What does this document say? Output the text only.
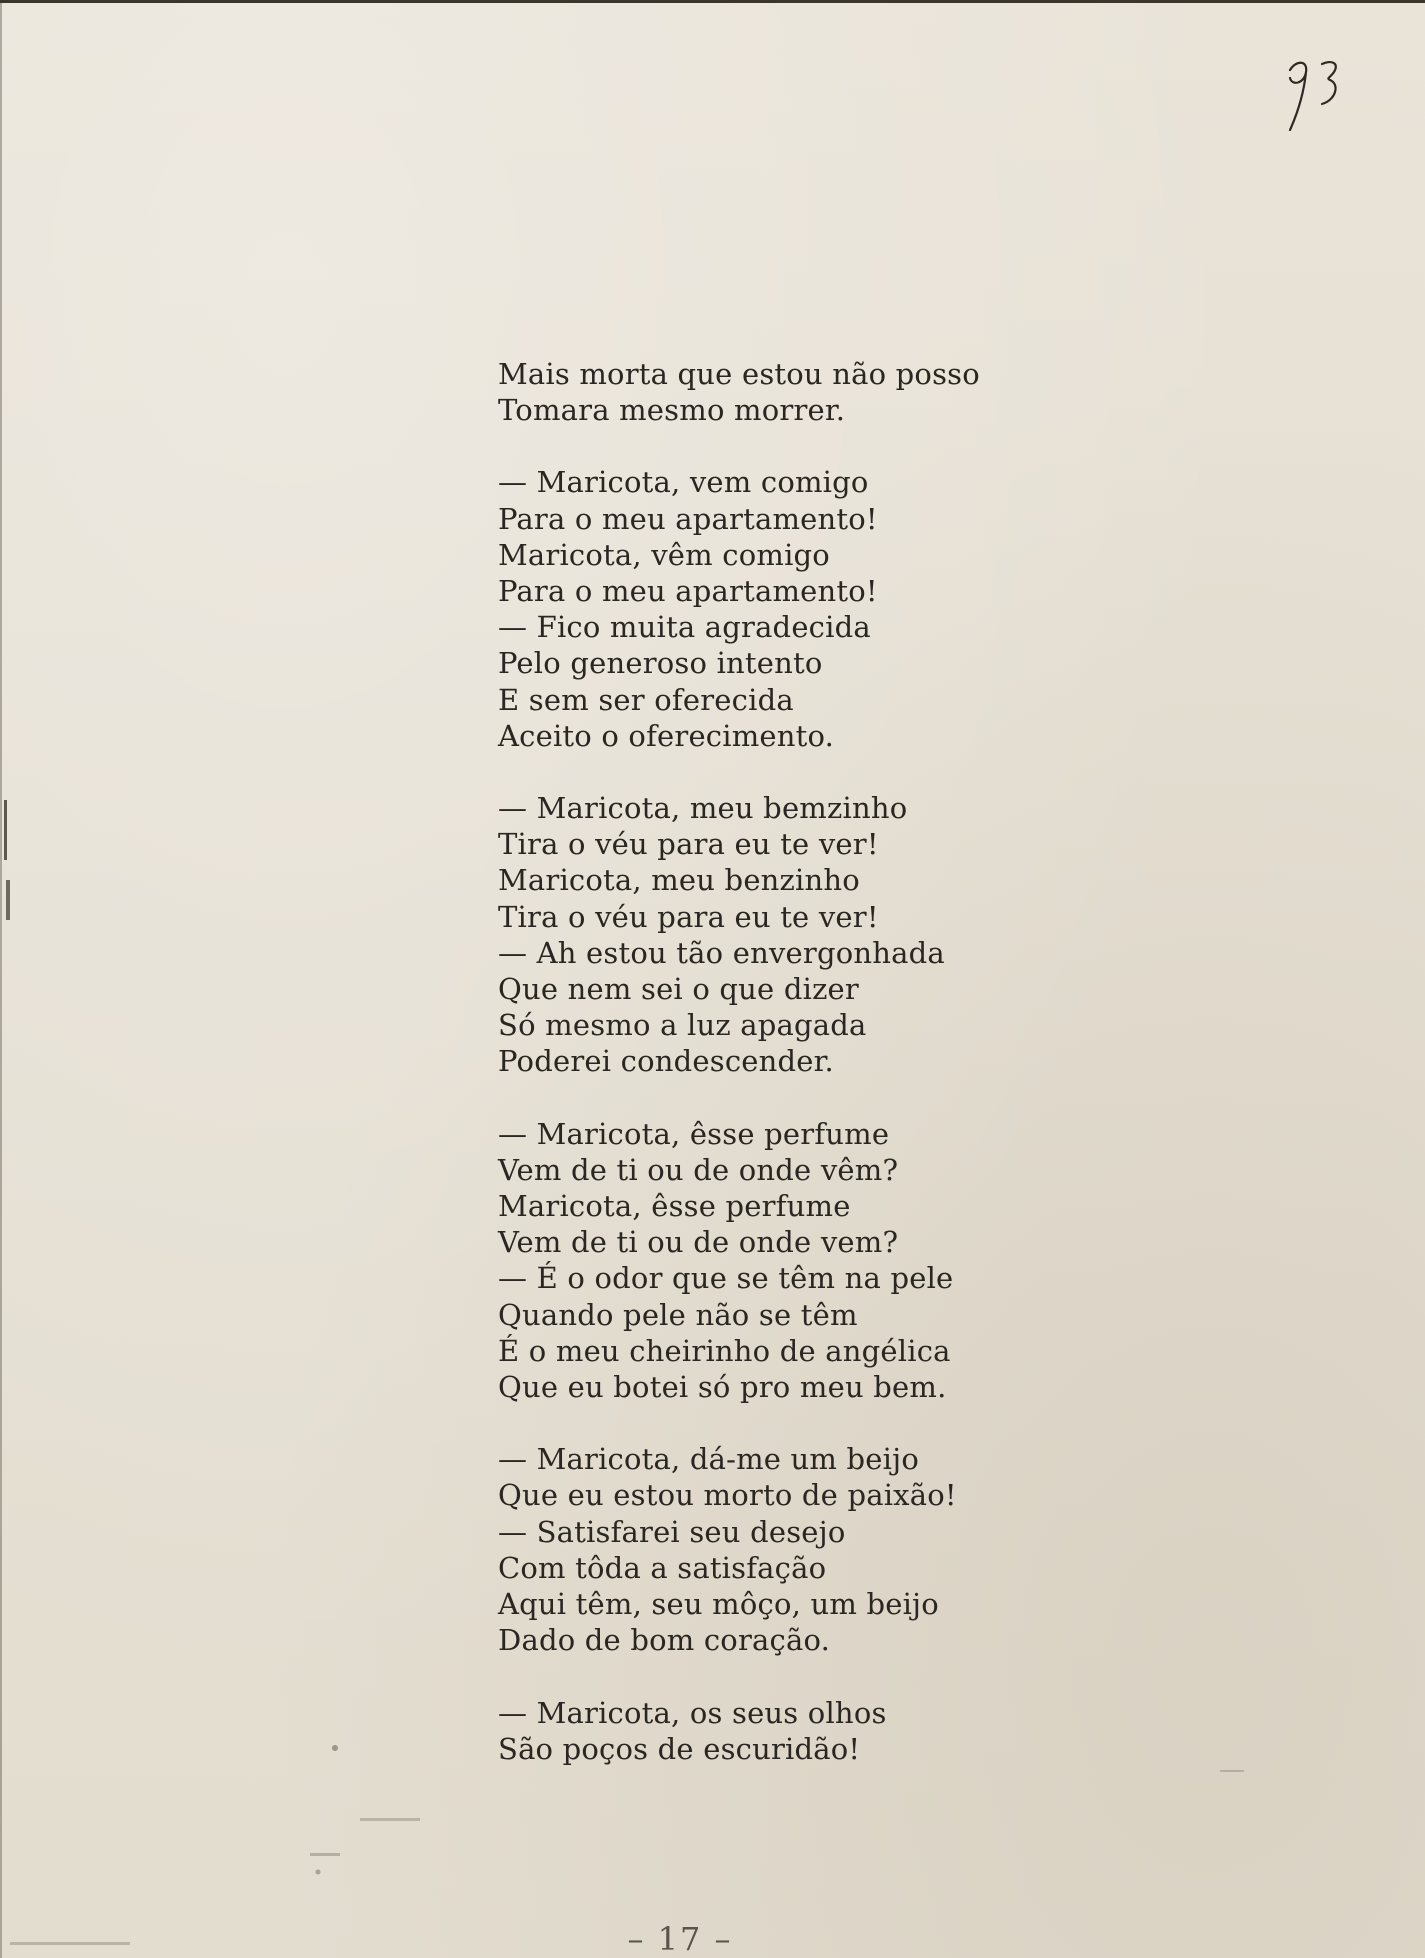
Mais morta que estou não posso
Tomara mesmo morrer.
— Maricota, vem comigo
Para o meu apartamento!
Maricota, vêm comigo
Para o meu apartamento!
— Fico muita agradecida
Pelo generoso intento
E sem ser oferecida
Aceito o oferecimento.
— Maricota, meu bemzinho
Tira o véu para eu te ver!
Maricota, meu benzinho
Tira o véu para eu te ver!
— Ah estou tão envergonhada
Que nem sei o que dizer
Só mesmo a luz apagada
Poderei condescender.
— Maricota, êsse perfume
Vem de ti ou de onde vêm?
Maricota, êsse perfume
Vem de ti ou de onde vem?
— É o odor que se têm na pele
Quando pele não se têm
É o meu cheirinho de angélica
Que eu botei só pro meu bem.
— Maricota, dá-me um beijo
Que eu estou morto de paixão!
— Satisfarei seu desejo
Com tôda a satisfação
Aqui têm, seu môço, um beijo
Dado de bom coração.
— Maricota, os seus olhos
São poços de escuridão!
– 17 –
